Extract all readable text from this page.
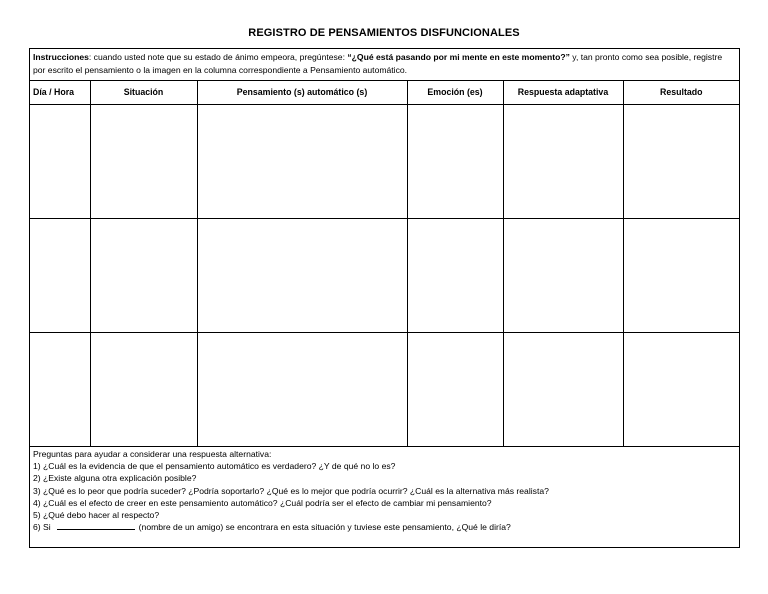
REGISTRO DE PENSAMIENTOS DISFUNCIONALES
Instrucciones: cuando usted note que su estado de ánimo empeora, pregúntese: “¿Qué está pasando por mi mente en este momento?” y, tan pronto como sea posible, registre por escrito el pensamiento o la imagen en la columna correspondiente a Pensamiento automático.
Día / Hora	Situación	Pensamiento (s) automático (s)	Emoción (es)	Respuesta adaptativa	Resultado

Preguntas para ayudar a considerar una respuesta alternativa:
1) ¿Cuál es la evidencia de que el pensamiento automático es verdadero? ¿Y de qué no lo es?
2) ¿Existe alguna otra explicación posible?
3) ¿Qué es lo peor que podría suceder? ¿Podría soportarlo? ¿Qué es lo mejor que podría ocurrir? ¿Cuál es la alternativa más realista?
4) ¿Cuál es el efecto de creer en este pensamiento automático? ¿Cuál podría ser el efecto de cambiar mi pensamiento?
5) ¿Qué debo hacer al respecto?
6) Si	(nombre de un amigo) se encontrara en esta situación y tuviese este pensamiento, ¿Qué le diría?
